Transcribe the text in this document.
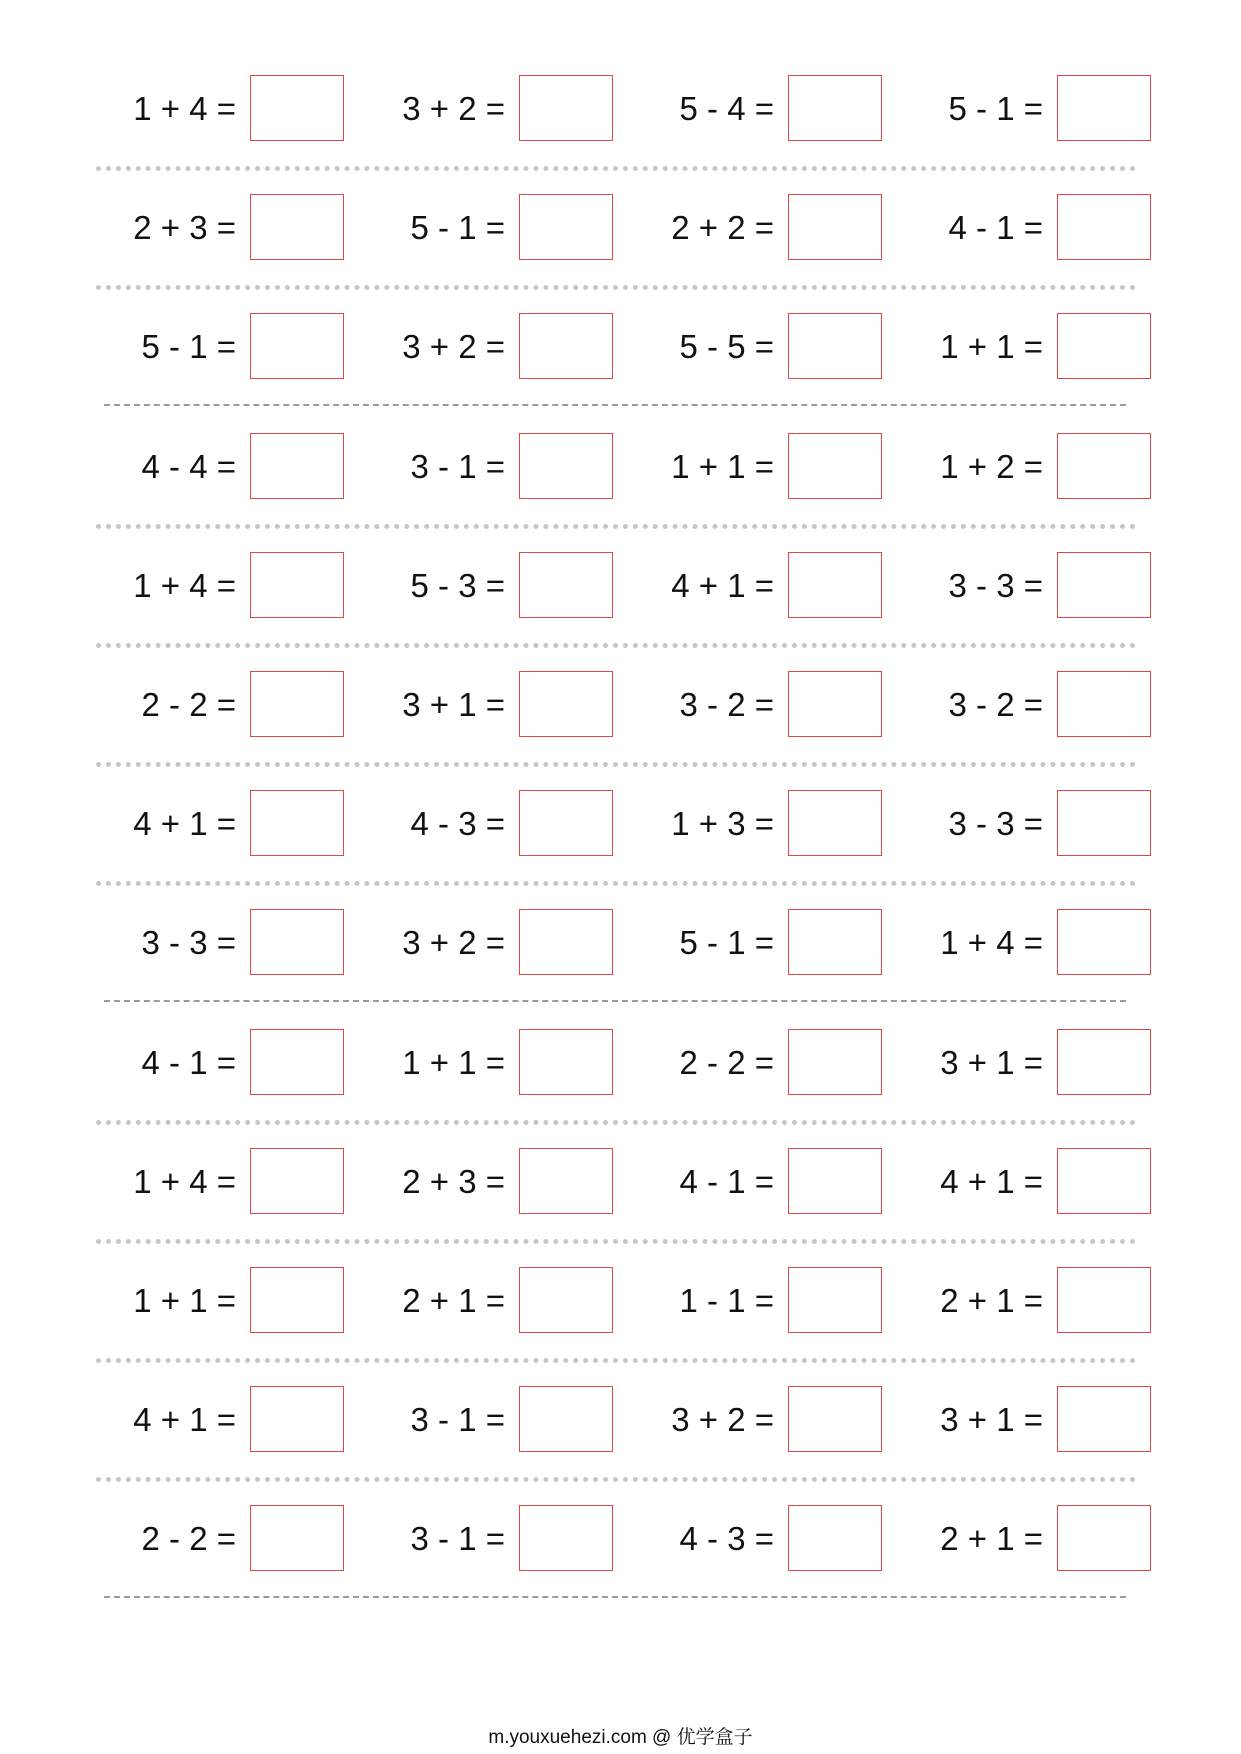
1 + 4 =	3 + 2 =	5 - 4 =	5 - 1 =
2 + 3 =	5 - 1 =	2 + 2 =	4 - 1 =
5 - 1 =	3 + 2 =	5 - 5 =	1 + 1 =
4 - 4 =	3 - 1 =	1 + 1 =	1 + 2 =
1 + 4 =	5 - 3 =	4 + 1 =	3 - 3 =
2 - 2 =	3 + 1 =	3 - 2 =	3 - 2 =
4 + 1 =	4 - 3 =	1 + 3 =	3 - 3 =
3 - 3 =	3 + 2 =	5 - 1 =	1 + 4 =
4 - 1 =	1 + 1 =	2 - 2 =	3 + 1 =
1 + 4 =	2 + 3 =	4 - 1 =	4 + 1 =
1 + 1 =	2 + 1 =	1 - 1 =	2 + 1 =
4 + 1 =	3 - 1 =	3 + 2 =	3 + 1 =
2 - 2 =	3 - 1 =	4 - 3 =	2 + 1 =
m.youxuehezi.com @ 优学盒子
